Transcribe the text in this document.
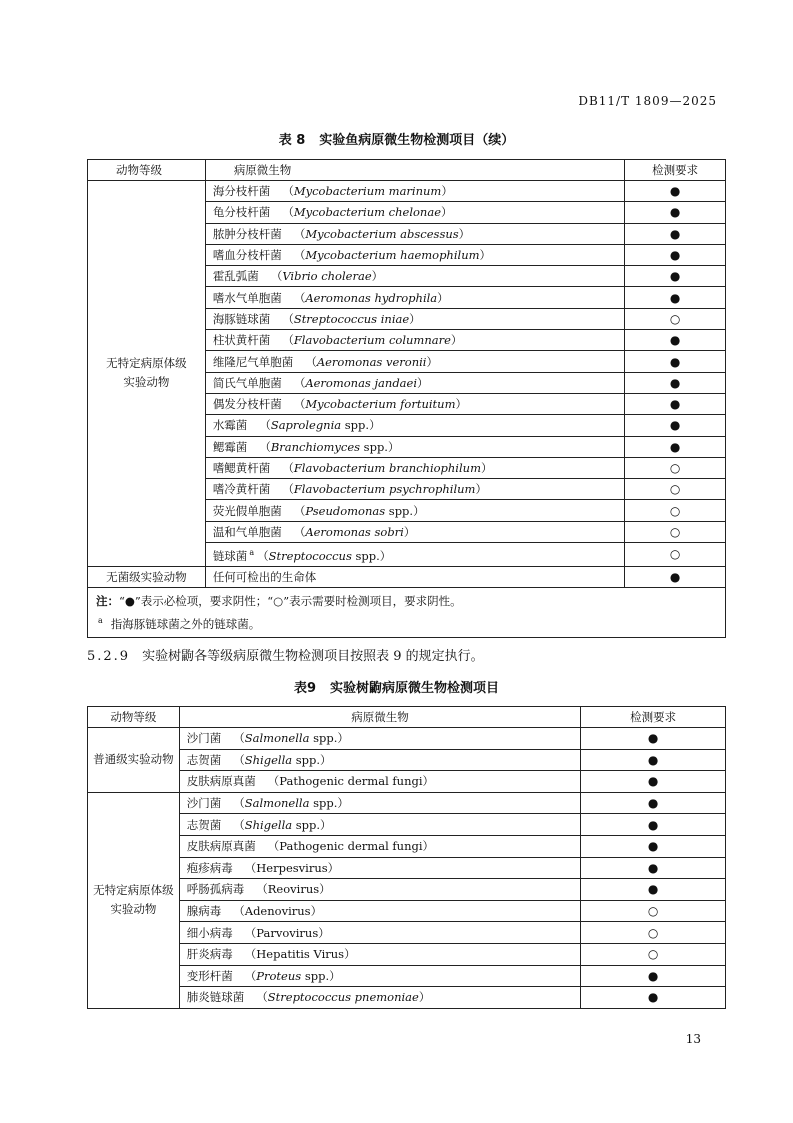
DB11/T 1809—2025
表 8 实验鱼病原微生物检测项目（续）
动物等级	病原微生物	检测要求
无特定病原体级实验动物	海分枝杆菌 （Mycobacterium marinum）	●
	龟分枝杆菌 （Mycobacterium chelonae）	●
	脓肿分枝杆菌 （Mycobacterium abscessus）	●
	嗜血分枝杆菌 （Mycobacterium haemophilum）	●
	霍乱弧菌 （Vibrio cholerae）	●
	嗜水气单胞菌 （Aeromonas hydrophila）	●
	海豚链球菌 （Streptococcus iniae）	○
	柱状黄杆菌 （Flavobacterium columnare）	●
	维隆尼气单胞菌 （Aeromonas veronii）	●
	简氏气单胞菌 （Aeromonas jandaei）	●
	偶发分枝杆菌 （Mycobacterium fortuitum）	●
	水霉菌 （Saprolegnia spp.）	●
	鳃霉菌 （Branchiomyces spp.）	●
	嗜鳃黄杆菌 （Flavobacterium branchiophilum）	○
	嗜冷黄杆菌 （Flavobacterium psychrophilum）	○
	荧光假单胞菌 （Pseudomonas spp.）	○
	温和气单胞菌 （Aeromonas sobri）	○
	链球菌 $^a$ （Streptococcus spp.）	○
无菌级实验动物	任何可检出的生命体	●

注：“●”表示必检项，要求阴性；“○”表示需要时检测项目，要求阴性。
$^a$ 指海豚链球菌之外的链球菌。		
5.2.9 实验树鼩各等级病原微生物检测项目按照表 9 的规定执行。
表9 实验树鼩病原微生物检测项目
动物等级	病原微生物	检测要求
普通级实验动物	沙门菌 （Salmonella spp.）	●
	志贺菌 （Shigella spp.）	●
	皮肤病原真菌 （Pathogenic dermal fungi）	●
无特定病原体级实验动物	沙门菌 （Salmonella spp.）	●
	志贺菌 （Shigella spp.）	●
	皮肤病原真菌 （Pathogenic dermal fungi）	●
	疱疹病毒 （Herpesvirus）	●
	呼肠孤病毒 （Reovirus）	●
	腺病毒 （Adenovirus）	○
	细小病毒 （Parvovirus）	○
	肝炎病毒 （Hepatitis Virus）	○
	变形杆菌 （Proteus spp.）	●
	肺炎链球菌 （Streptococcus pnemoniae）	●
13
